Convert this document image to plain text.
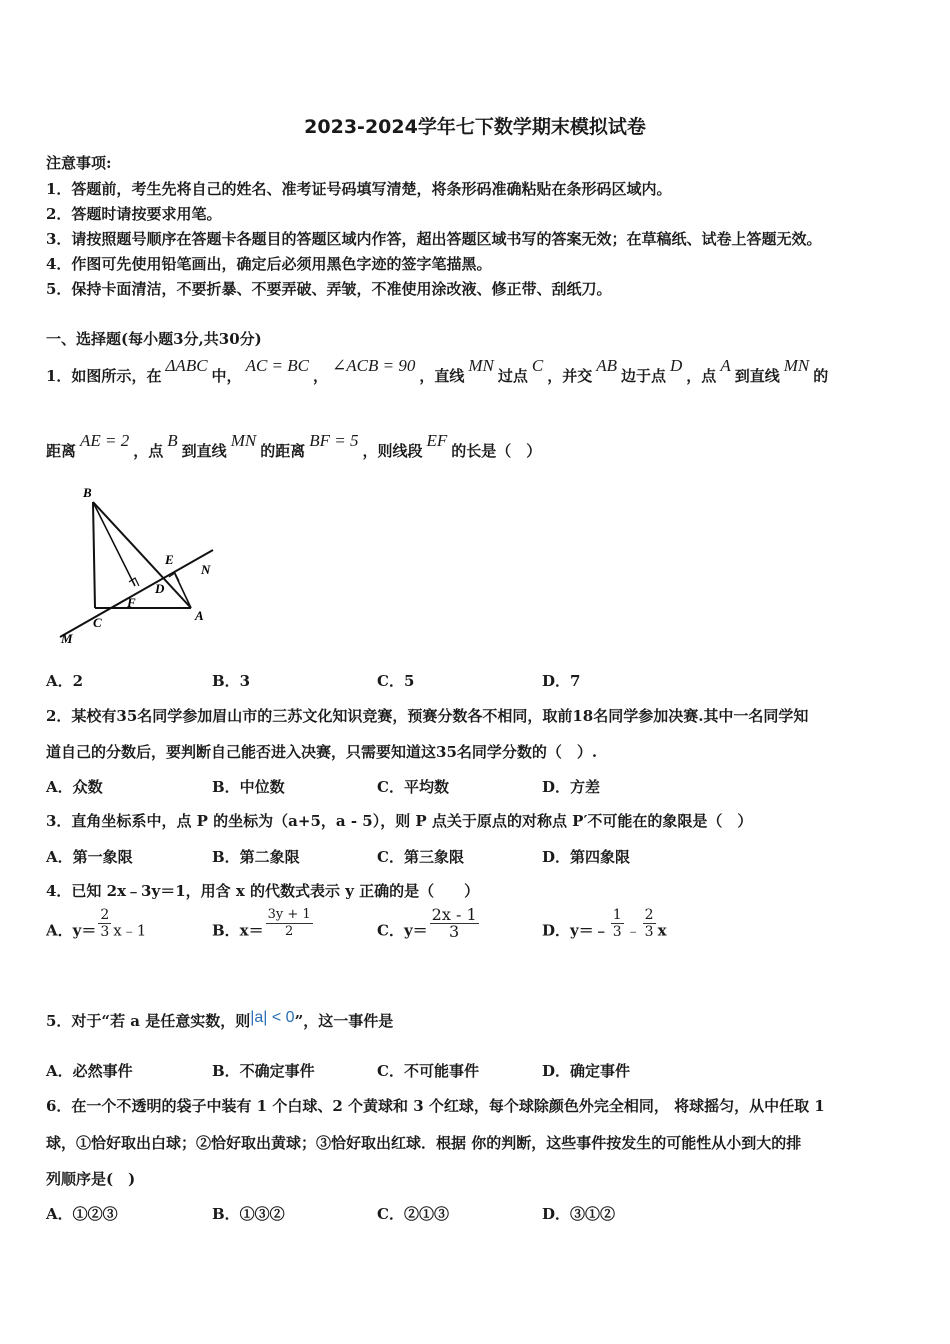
2023-2024学年七下数学期末模拟试卷
注意事项:
1．答题前，考生先将自己的姓名、准考证号码填写清楚，将条形码准确粘贴在条形码区域内。
2．答题时请按要求用笔。
3．请按照题号顺序在答题卡各题目的答题区域内作答，超出答题区域书写的答案无效；在草稿纸、试卷上答题无效。
4．作图可先使用铅笔画出，确定后必须用黑色字迹的签字笔描黑。
5．保持卡面清洁，不要折暴、不要弄破、弄皱，不准使用涂改液、修正带、刮纸刀。
一、选择题(每小题3分,共30分)
1．如图所示，在ΔABC中，AC = BC，∠ACB = 90，直线MN过点C，并交AB边于点D，点A到直线MN的
距离AE = 2，点B到直线MN的距离BF = 5，则线段EF的长是（　）
B
E
N
D
F
C	A
M
A．2	B．3	C．5	D．7
2．某校有35名同学参加眉山市的三苏文化知识竞赛，预赛分数各不相同，取前18名同学参加决赛.其中一名同学知
道自己的分数后，要判断自己能否进入决赛，只需要知道这35名同学分数的（　）.
A．众数	B．中位数	C．平均数	D．方差
3．直角坐标系中，点 P 的坐标为（a+5，a - 5），则 P 点关于原点的对称点 P′不可能在的象限是（　）
A．第一象限	B．第二象限	C．第三象限	D．第四象限
4．已知 2x﹣3y＝1，用含 x 的代数式表示 y 正确的是（　　）
A．$y= \frac{2}{3}$ x﹣1	B．$x= \frac{3y + 1}{2}$	C．$y= \frac{2x - 1}{3}$	D．y＝﹣ $\frac{1}{3}$ ﹣ $\frac{2}{3}$ x
5．对于“若 a 是任意实数，则|a| < 0”，这一事件是
A．必然事件	B．不确定事件	C．不可能事件	D．确定事件
6．在一个不透明的袋子中装有 1 个白球、2 个黄球和 3 个红球，每个球除颜色外完全相同， 将球摇匀，从中任取 1
球，①恰好取出白球；②恰好取出黄球；③恰好取出红球．根据 你的判断，这些事件按发生的可能性从小到大的排
列顺序是(　)
A．①②③	B．①③②	C．②①③	D．③①②
